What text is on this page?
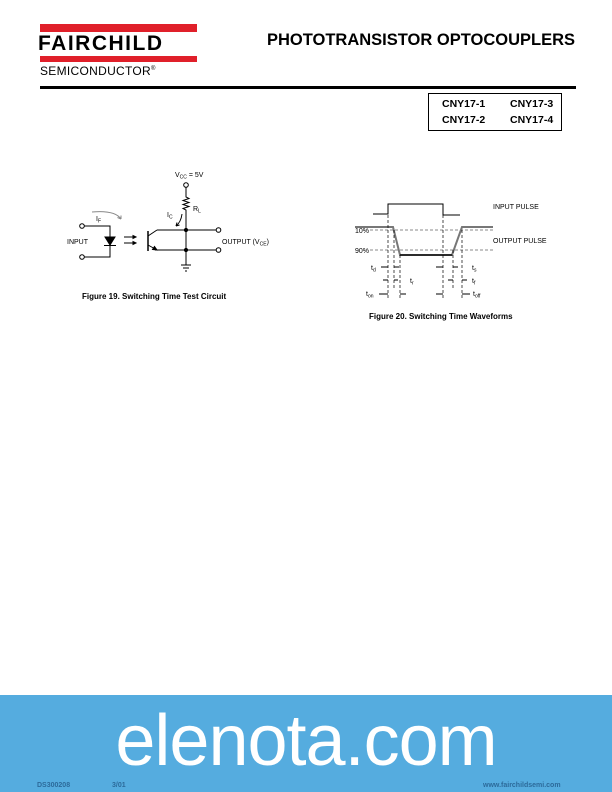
FAIRCHILD
SEMICONDUCTOR®
PHOTOTRANSISTOR OPTOCOUPLERS
CNY17-1 CNY17-3
CNY17-2 CNY17-4
$V_{CC} = 5V$
$R_L$
$I_C$
$I_F$
INPUT	OUTPUT $(V_{CE})$
Figure 19. Switching Time Test Circuit
INPUT PULSE
10%
90%
OUTPUT PULSE
$t_d$
$t_r$
$t_{on}$
$t_s$
$t_f$
$t_{off}$
Figure 20. Switching Time Waveforms
elenota.com
DS300208	3/01	www.fairchildsemi.com
